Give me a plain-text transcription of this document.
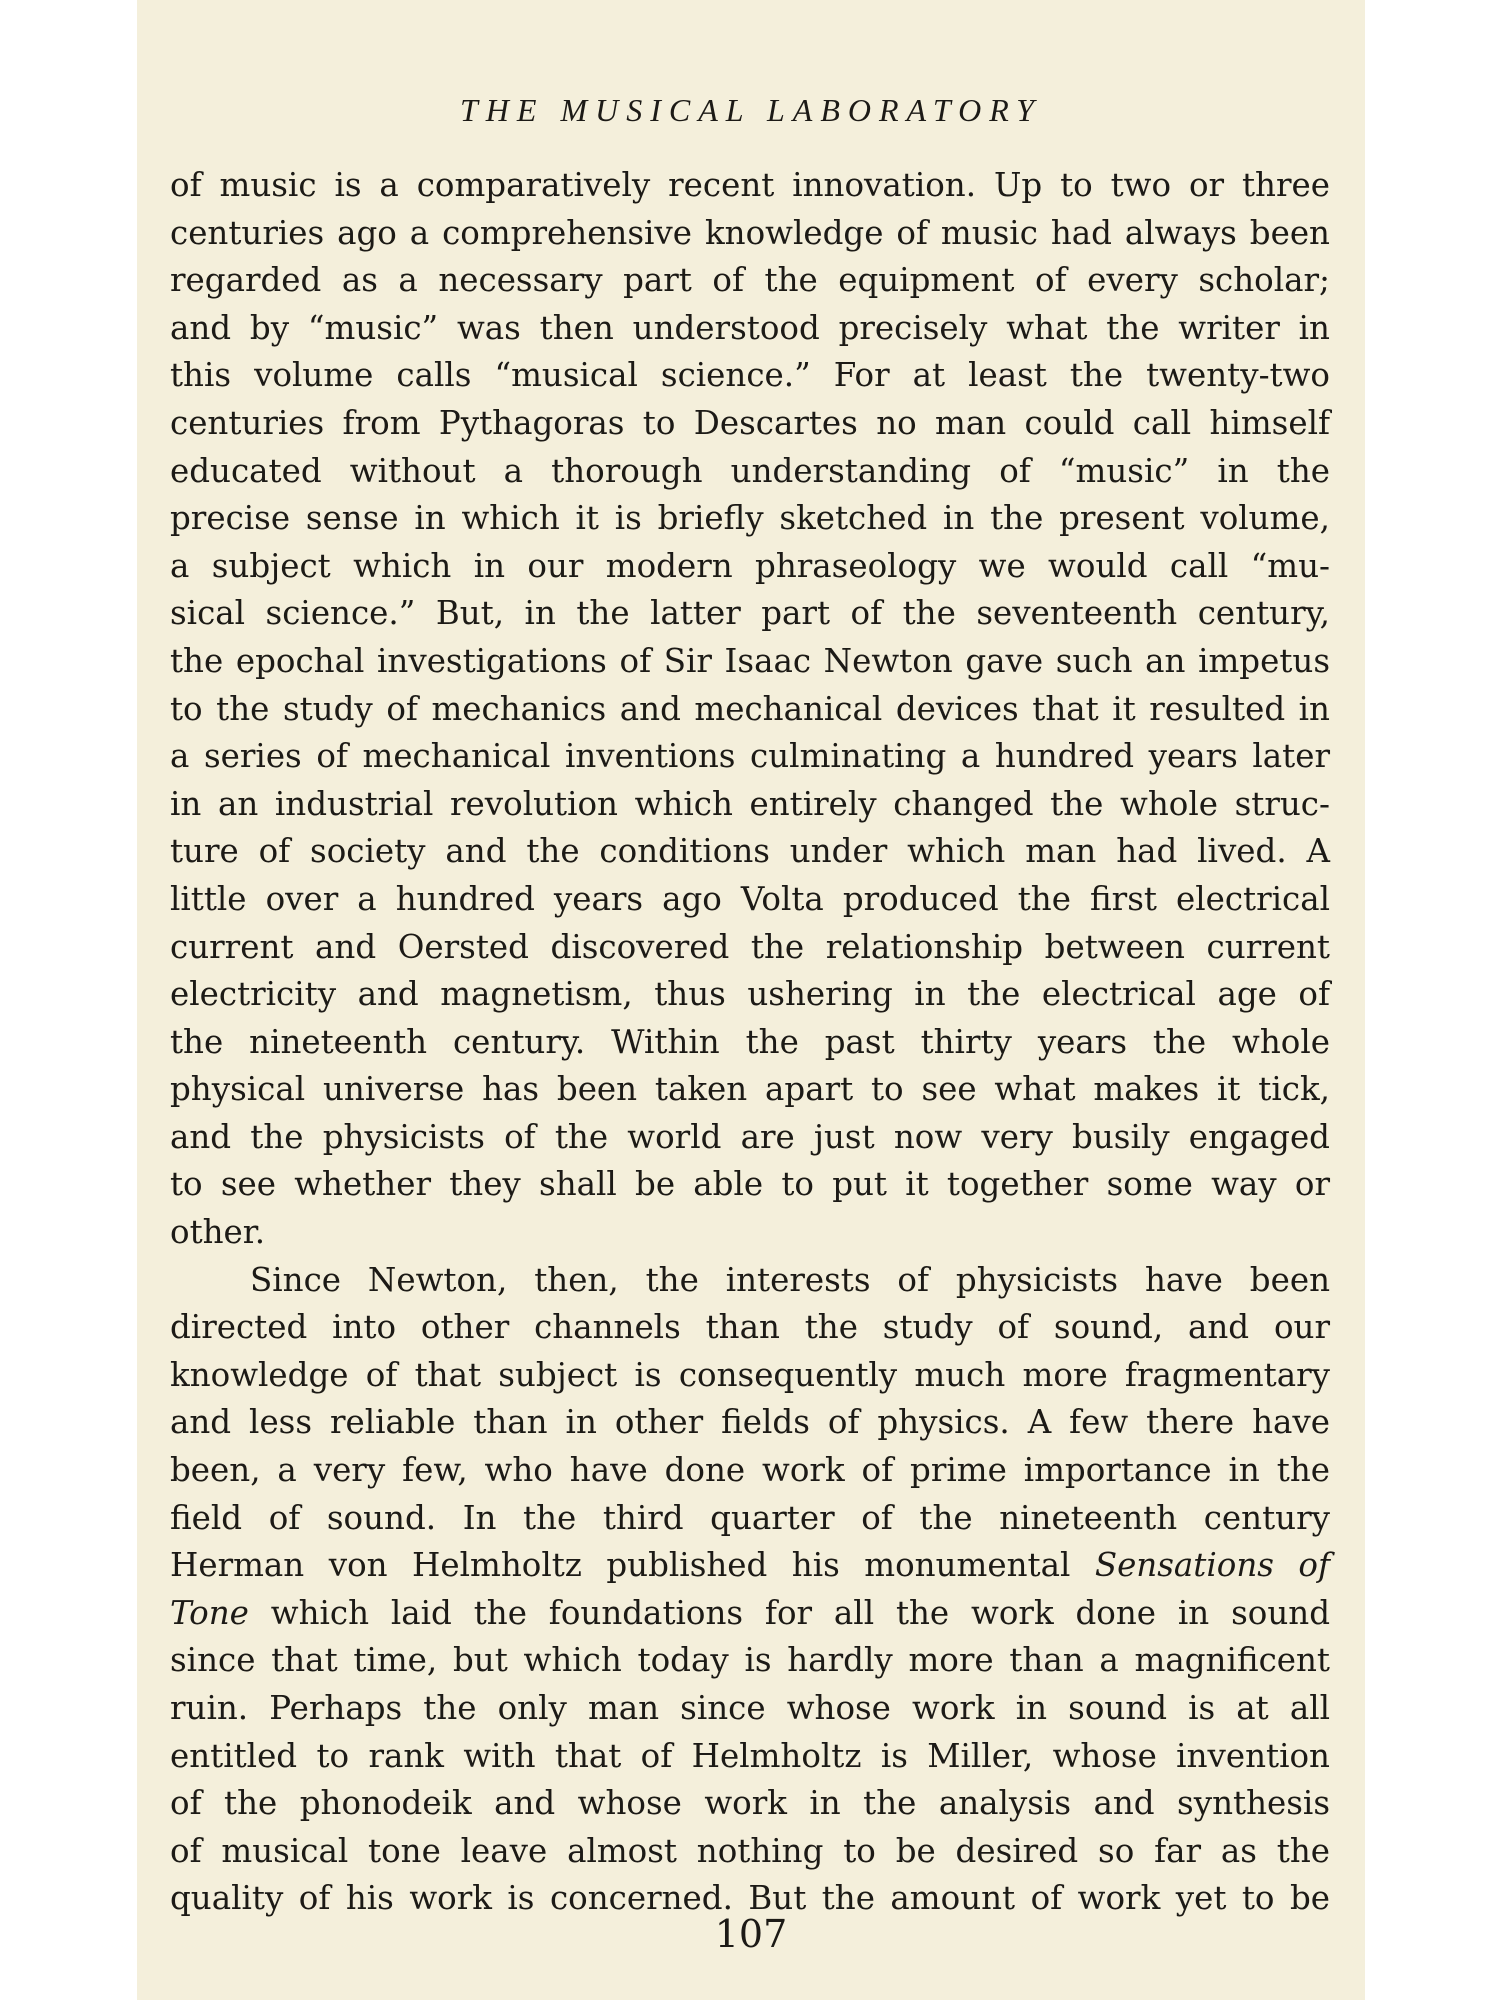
THE MUSICAL LABORATORY
of music is a comparatively recent innovation. Up to two or three
centuries ago a comprehensive knowledge of music had always been
regarded as a necessary part of the equipment of every scholar;
and by “music” was then understood precisely what the writer in
this volume calls “musical science.” For at least the twenty-two
centuries from Pythagoras to Descartes no man could call himself
educated without a thorough understanding of “music” in the
precise sense in which it is briefly sketched in the present volume,
a subject which in our modern phraseology we would call “mu-
sical science.” But, in the latter part of the seventeenth century,
the epochal investigations of Sir Isaac Newton gave such an impetus
to the study of mechanics and mechanical devices that it resulted in
a series of mechanical inventions culminating a hundred years later
in an industrial revolution which entirely changed the whole struc-
ture of society and the conditions under which man had lived. A
little over a hundred years ago Volta produced the first electrical
current and Oersted discovered the relationship between current
electricity and magnetism, thus ushering in the electrical age of
the nineteenth century. Within the past thirty years the whole
physical universe has been taken apart to see what makes it tick,
and the physicists of the world are just now very busily engaged
to see whether they shall be able to put it together some way or
other.
Since Newton, then, the interests of physicists have been
directed into other channels than the study of sound, and our
knowledge of that subject is consequently much more fragmentary
and less reliable than in other fields of physics. A few there have
been, a very few, who have done work of prime importance in the
field of sound. In the third quarter of the nineteenth century
Herman von Helmholtz published his monumental Sensations of
Tone which laid the foundations for all the work done in sound
since that time, but which today is hardly more than a magnificent
ruin. Perhaps the only man since whose work in sound is at all
entitled to rank with that of Helmholtz is Miller, whose invention
of the phonodeik and whose work in the analysis and synthesis
of musical tone leave almost nothing to be desired so far as the
quality of his work is concerned. But the amount of work yet to be
107
